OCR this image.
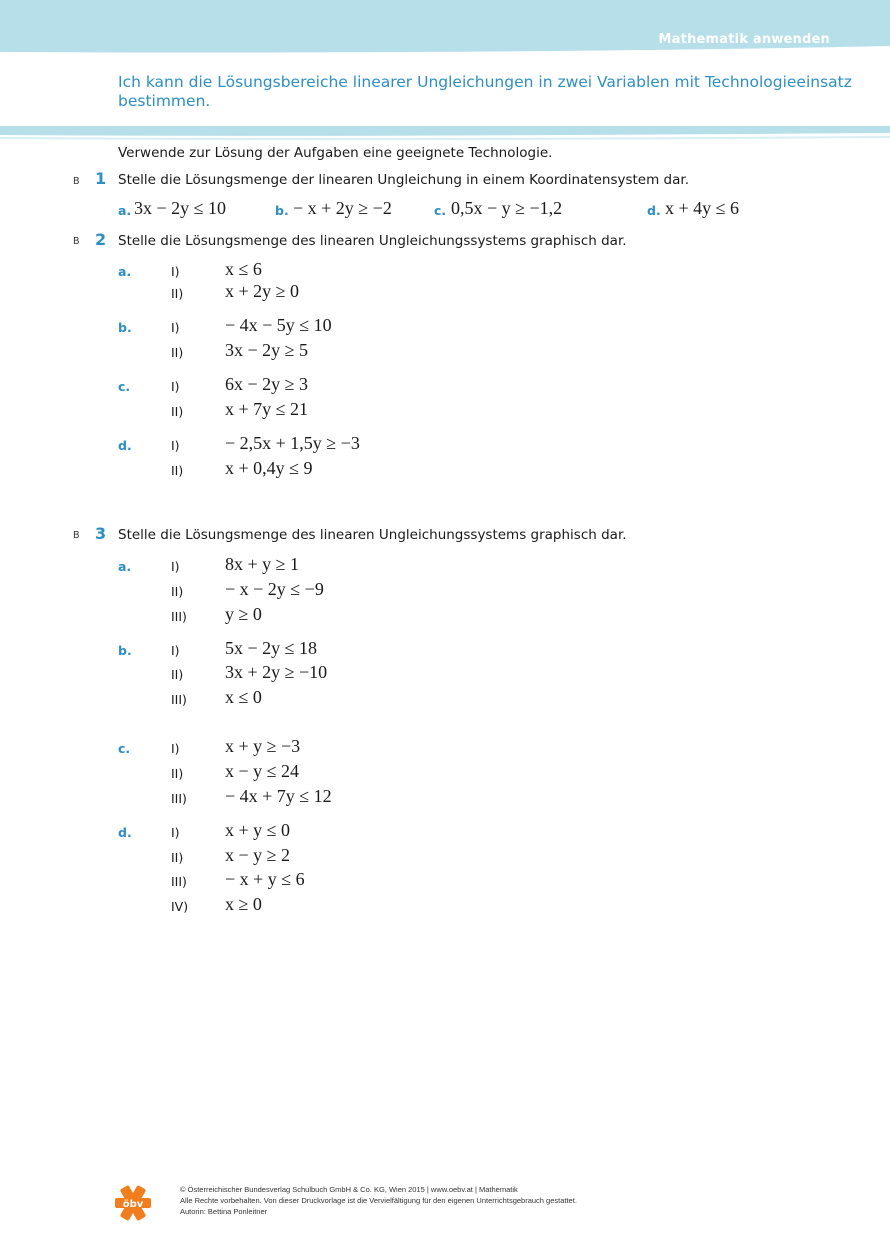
Mathematik anwenden
Ich kann die Lösungsbereiche linearer Ungleichungen in zwei Variablen mit Technologieeinsatz bestimmen.
Verwende zur Lösung der Aufgaben eine geeignete Technologie.
B 1 Stelle die Lösungsmenge der linearen Ungleichung in einem Koordinatensystem dar.
a. 3x − 2y ≤ 10	b. − x + 2y ≥ −2	c. 0,5x − y ≥ −1,2	d. x + 4y ≤ 6
B 2 Stelle die Lösungsmenge des linearen Ungleichungssystems graphisch dar.
a.	I)	x ≤ 6
II) x + 2y ≥ 0
b.	I)	− 4x − 5y ≤ 10
II) 3x − 2y ≥ 5
c.	I)	6x − 2y ≥ 3
II) x + 7y ≤ 21
d.	I)	− 2,5x + 1,5y ≥ −3
II) x + 0,4y ≤ 9
B 3 Stelle die Lösungsmenge des linearen Ungleichungssystems graphisch dar.
a.	I)	8x + y ≥ 1
II) − x − 2y ≤ −9
III) y ≥ 0
b.	I)	5x − 2y ≤ 18
II) 3x + 2y ≥ −10
III) x ≤ 0
c.	I)	x + y ≥ −3
II) x − y ≤ 24
III) − 4x + 7y ≤ 12
d.	I)	x + y ≤ 0
II) x − y ≥ 2
III) − x + y ≤ 6
IV) x ≥ 0
öbv
© Österreichischer Bundesverlag Schulbuch GmbH & Co. KG, Wien 2015 | www.oebv.at | Mathematik
Alle Rechte vorbehalten. Von dieser Druckvorlage ist die Vervielfältigung für den eigenen Unterrichtsgebrauch gestattet.
Autorin: Bettina Ponleitner
